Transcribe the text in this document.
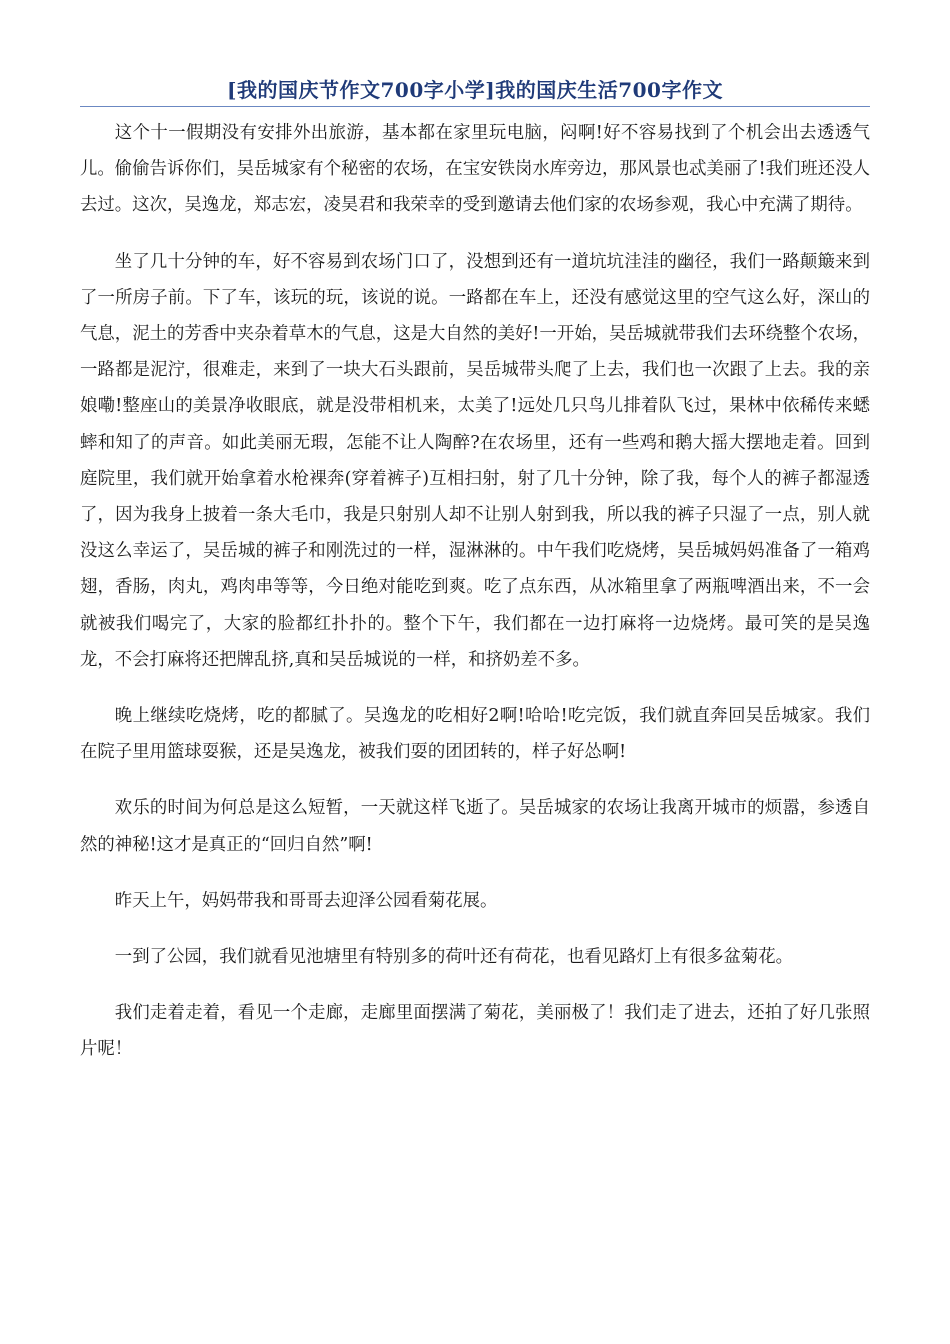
[我的国庆节作文700字小学]我的国庆生活700字作文

这个十一假期没有安排外出旅游，基本都在家里玩电脑，闷啊!好不容易找到了个机会出去透透气儿。偷偷告诉你们，吴岳城家有个秘密的农场，在宝安铁岗水库旁边，那风景也忒美丽了!我们班还没人去过。这次，吴逸龙，郑志宏，凌昊君和我荣幸的受到邀请去他们家的农场参观，我心中充满了期待。

坐了几十分钟的车，好不容易到农场门口了，没想到还有一道坑坑洼洼的幽径，我们一路颠簸来到了一所房子前。下了车，该玩的玩，该说的说。一路都在车上，还没有感觉这里的空气这么好，深山的气息，泥土的芳香中夹杂着草木的气息，这是大自然的美好!一开始，吴岳城就带我们去环绕整个农场，一路都是泥泞，很难走，来到了一块大石头跟前，吴岳城带头爬了上去，我们也一次跟了上去。我的亲娘嘞!整座山的美景净收眼底，就是没带相机来，太美了!远处几只鸟儿排着队飞过，果林中依稀传来蟋蟀和知了的声音。如此美丽无瑕，怎能不让人陶醉?在农场里，还有一些鸡和鹅大摇大摆地走着。回到庭院里，我们就开始拿着水枪裸奔(穿着裤子)互相扫射，射了几十分钟，除了我，每个人的裤子都湿透了，因为我身上披着一条大毛巾，我是只射别人却不让别人射到我，所以我的裤子只湿了一点，别人就没这么幸运了，吴岳城的裤子和刚洗过的一样，湿淋淋的。中午我们吃烧烤，吴岳城妈妈准备了一箱鸡翅，香肠，肉丸，鸡肉串等等，今日绝对能吃到爽。吃了点东西，从冰箱里拿了两瓶啤酒出来，不一会就被我们喝完了，大家的脸都红扑扑的。整个下午，我们都在一边打麻将一边烧烤。最可笑的是吴逸龙，不会打麻将还把牌乱挤,真和吴岳城说的一样，和挤奶差不多。

晚上继续吃烧烤，吃的都腻了。吴逸龙的吃相好2啊!哈哈!吃完饭，我们就直奔回吴岳城家。我们在院子里用篮球耍猴，还是吴逸龙，被我们耍的团团转的，样子好怂啊!

欢乐的时间为何总是这么短暂，一天就这样飞逝了。吴岳城家的农场让我离开城市的烦嚣，参透自然的神秘!这才是真正的“回归自然”啊!

昨天上午，妈妈带我和哥哥去迎泽公园看菊花展。

一到了公园，我们就看见池塘里有特别多的荷叶还有荷花，也看见路灯上有很多盆菊花。

我们走着走着，看见一个走廊，走廊里面摆满了菊花，美丽极了！我们走了进去，还拍了好几张照片呢！
